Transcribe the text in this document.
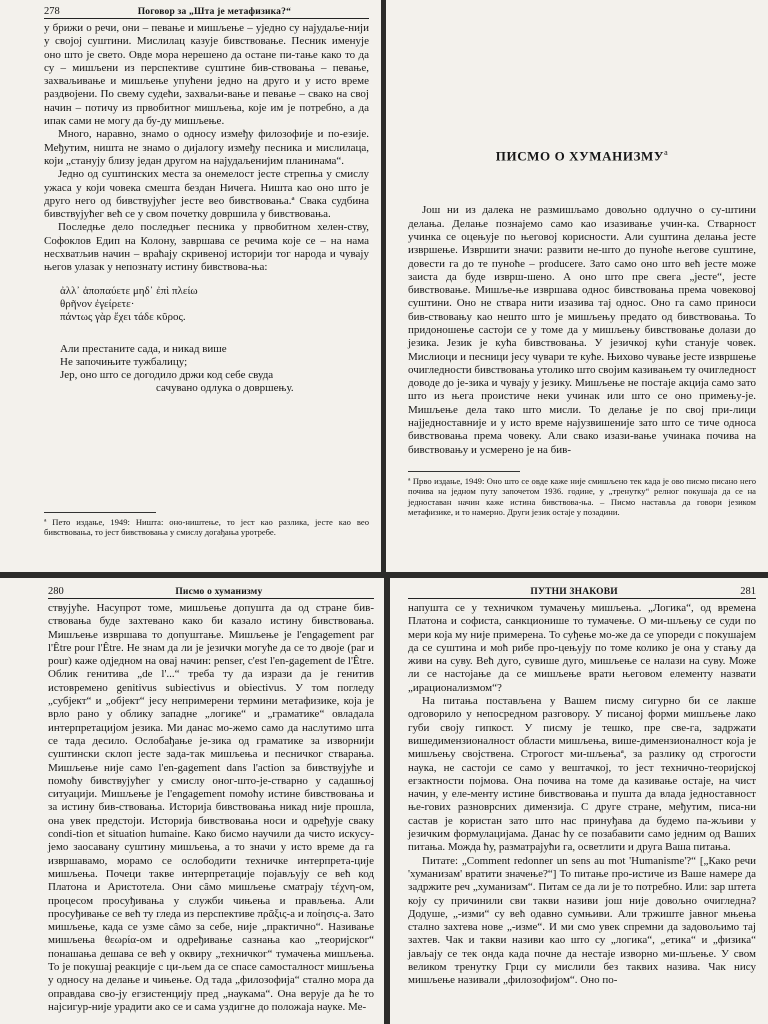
278	Поговор за „Шта је метафизика?“

у брижи о речи, они – певање и мишљење – уједно су најудаље-нији у својој суштини. Мислилац казује бивствовање. Песник именује оно што је свето. Овде мора нерешено да остане пи-тање како то да су – мишљени из перспективе суштине бив-ствовања – певање, захваљивање и мишљење упућени једно на друго и у исто време раздвојени. По свему судећи, захваљи-вање и певање – свако на свој начин – потичу из првобитног мишљења, које им је потребно, а да ипак сами не могу да бу-ду мишљење.

Много, наравно, знамо о односу између филозофије и по-езије. Међутим, ништа не знамо о дијалогу између песника и мислилаца, који „станују близу један другом на најудаљенијим планинама“.

Једно од суштинских места за онемелост јесте стрепња у смислу ужаса у који човека смешта бездан Ничега. Ништа као оно што је друго него од бивствујућег јесте вео бивствовања.ª Свака судбина бивствујућег већ се у свом почетку довршила у бивствовања.

Последње дело последњег песника у првобитном хелен-ству, Софоклов Едип на Колону, завршава се речима које се – на нама несхватљив начин – враћају скривеној историји тог народа и чувају његов улазак у непознату истину бивствова-ња:

ἀλλ᾽ ἀποπαύετε μηδ᾽ ἐπὶ πλείω
θρῆνον ἐγείρετε·
πάντως γὰρ ἔχει τάδε κῦρος.
Али престаните сада, и никад више
Не започињите тужбалицу;
Јер, оно што се догодило држи код себе свуда
сачувано одлука о довршењу.

ª Пето издање, 1949: Ништа: оно-ништење, то јест као разлика, јесте као вео бивствовања, то јест бивствовања у смислу догађања уротребе.

ПИСМО О ХУМАНИЗМУ$^a$

Још ни из далека не размишљамо довољно одлучно о су-штини делања. Делање познајемо само као изазивање учин-ка. Стварност учинка се оцењује по његовој корисности. Али суштина делања јесте извршење. Извршити значи: развити не-што до пуноће његове суштине, довести га до те пуноће – producere. Зато само оно што већ јесте може заиста да буде изврш-шено. А оно што пре свега „јесте“, јесте бивствовање. Мишље-ње извршава однос бивствовања према човековој суштини. Оно не ствара нити изазива тај однос. Оно га само приноси бив-ствовању као нешто што је мишљењу предато од бивствовања. То придоношење састоји се у томе да у мишљењу бивствовање долази до језика. Језик је кућа бивствовања. У језичкој кући станује човек. Мислиоци и песници јесу чувари те куће. Њихово чување јесте извршење очигледности бивствовања утолико што својим казивањем ту очигледност доводе до је-зика и чувају у језику. Мишљење не постаје акција само зато што из њега проистиче неки учинак или што се оно примењу-је. Мишљење дела тако што мисли. То делање је по свој при-лици најједноставније и у исто време најузвишеније зато што се тиче односа бивствовања према човеку. Али свако изази-вање учинака почива на бивствовању и усмерено је на бив-

ª Прво издање, 1949: Оно што се овде каже није смишљено тек када је ово писмо писано него почива на једном путу започетом 1936. године, у „тренутку“ релног покушаја да се на једноставан начин каже истина бивствова-ња. – Писмо наставља да говори језиком метафизике, и то намерно. Други језик остаје у позадини.

280	Писмо о хуманизму

ствујуће. Насупрот томе, мишљење допушта да од стране бив-ствовања буде захтевано како би казало истину бивствовања. Мишљење извршава то допуштање. Мишљење је l'engagement par l'Être pour l'Être. Не знам да ли је језички могуће да се то двоје (par и pour) каже одједном на овај начин: penser, c'est l'en-gagement de l'Être. Облик генитива „de l'...“ треба ту да изрази да је генитив истовремено genitivus subiectivus и obiectivus. У том погледу „субјект“ и „објект“ јесу непримерени термини метафизике, која је врло рано у облику западне „логике“ и „граматике“ овладала интерпретацијом језика. Ми данас мо-жемо само да наслутимо шта се тада десило. Ослобађање је-зика од граматике за изворнији суштински склоп јесте зада-так мишљења и песничког стварања. Мишљење није само l'en-gagement dans l'action за бивствујуће и помоћу бивствујућег у смислу оног-што-је-стварно у садашњој ситуацији. Мишљење је l'engagement помоћу истине бивствовања и за истину бив-ствовања. Историја бивствовања никад није прошла, она увек предстоји. Историја бивствовања носи и одређује сваку condi-tion et situation humaine. Како бисмо научили да чисто искусу-јемо заосавану суштину мишљења, а то значи у исто време да га извршавамо, морамо се ослободити техничке интерпрета-ције мишљења. Почеци такве интерпретације појављују се већ код Платона и Аристотела. Они сâмо мишљење сматрају τέχνη-ом, процесом просуђивања у служби чињења и прављења. Али просуђивање се већ ту гледа из перспективе πρᾶξις-а и ποίησις-а. Зато мишљење, када се узме сâмо за себе, није „практично“. Називање мишљења θεωρία-ом и одређивање сазнања као „теоријског“ понашања дешава се већ у оквиру „техничког“ тумачења мишљења. То је покушај реакције с ци-љем да се спасе самосталност мишљења у односу на делање и чињење. Од тада „филозофија“ стално мора да оправдава сво-ју егзистенцију пред „наукама“. Она верује да ће то најсигур-није урадити ако се и сама уздигне до положаја науке. Ме-

ПУТНИ ЗНАКОВИ	281

напушта се у техничком тумачењу мишљења. „Логика“, од времена Платона и софиста, санкционише то тумачење. О ми-шљењу се суди по мери која му није примерена. То суђење мо-же да се упореди с покушајем да се суштина и моћ рибе про-цењују по томе колико је она у стању да живи на суву. Већ дуго, сувише дуго, мишљење се налази на суву. Може ли се настојање да се мишљење врати његовом елементу назвати „ирационализмом“?

На питања постављена у Вашем писму сигурно би се лакше одговорило у непосредном разговору. У писаној форми мишљење лако губи своју гипкост. У писму је тешко, пре све-га, задржати вишедимензионалност области мишљења, више-димензионалност која је мишљењу својствена. Строгост ми-шљењаª, за разлику од строгости наука, не састоји се само у вештачкој, то јест технично-теоријској егзактности појмова. Она почива на томе да казивање остаје, на чист начин, у еле-менту истине бивствовања и пушта да влада једноставност ње-гових разноврсних димензија. С друге стране, међутим, писа-ни састав је користан зато што нас принуђава да будемо па-жљиви у језичким формулацијама. Данас ћу се позабавити само једним од Ваших питања. Можда ћу, разматрајући га, осветлити и друга Ваша питања.

Питате: „Comment redonner un sens au mot 'Humanisme'?“ [„Како речи 'хуманизам' вратити значење?“] То питање про-истиче из Ваше намере да задржите реч „хуманизам“. Питам се да ли је то потребно. Или: зар штета коју су причинили сви такви називи још није довољно очигледна? Додуше, „-изми“ су већ одавно сумњиви. Али тржиште јавног мњења стално захтева нове „-изме“. И ми смо увек спремни да задовољимо тај захтев. Чак и такви називи као што су „логика“, „етика“ и „физика“ јављају се тек онда када почне да нестаје изворно ми-шљење. У свом великом тренутку Грци су мислили без таквих назива. Чак нису мишљење називали „филозофијом“. Оно по-
